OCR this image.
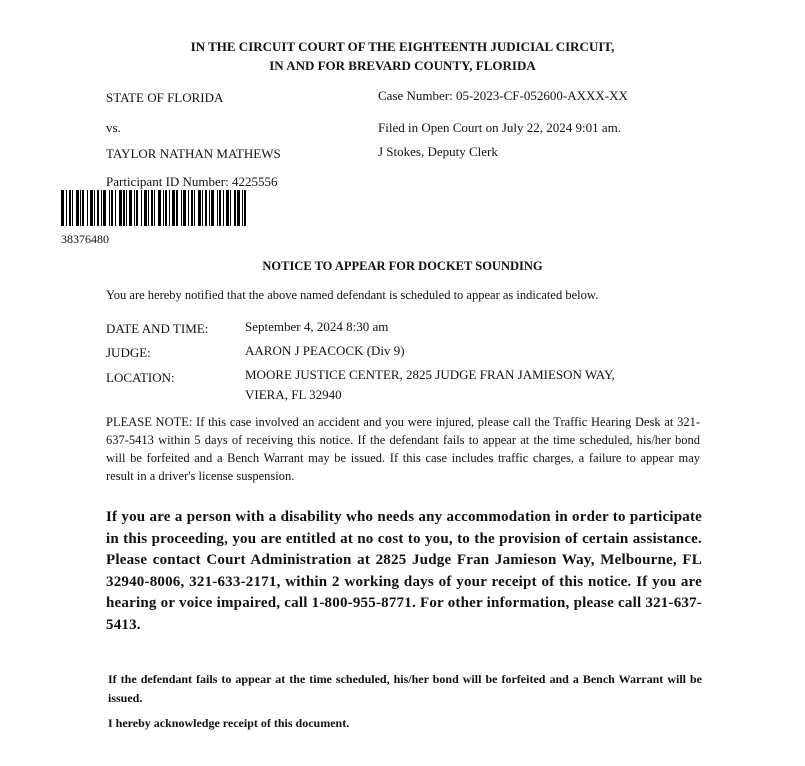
IN THE CIRCUIT COURT OF THE EIGHTEENTH JUDICIAL CIRCUIT,
IN AND FOR BREVARD COUNTY, FLORIDA
STATE OF FLORIDA
vs.
TAYLOR NATHAN MATHEWS
Participant ID Number: 4225556
Case Number: 05-2023-CF-052600-AXXX-XX
Filed in Open Court on July 22, 2024 9:01 am.
J Stokes, Deputy Clerk
38376480
NOTICE TO APPEAR FOR DOCKET SOUNDING
You are hereby notified that the above named defendant is scheduled to appear as indicated below.
DATE AND TIME:	September 4, 2024 8:30 am
JUDGE:	AARON J PEACOCK (Div 9)
LOCATION:	MOORE JUSTICE CENTER, 2825 JUDGE FRAN JAMIESON WAY,
VIERA, FL 32940
PLEASE NOTE: If this case involved an accident and you were injured, please call the Traffic Hearing Desk at 321-637-5413 within 5 days of receiving this notice. If the defendant fails to appear at the time scheduled, his/her bond will be forfeited and a Bench Warrant may be issued. If this case includes traffic charges, a failure to appear may result in a driver's license suspension.
If you are a person with a disability who needs any accommodation in order to participate in this proceeding, you are entitled at no cost to you, to the provision of certain assistance. Please contact Court Administration at 2825 Judge Fran Jamieson Way, Melbourne, FL 32940-8006, 321-633-2171, within 2 working days of your receipt of this notice. If you are hearing or voice impaired, call 1-800-955-8771. For other information, please call 321-637-5413.
If the defendant fails to appear at the time scheduled, his/her bond will be forfeited and a Bench Warrant will be issued.
I hereby acknowledge receipt of this document.
